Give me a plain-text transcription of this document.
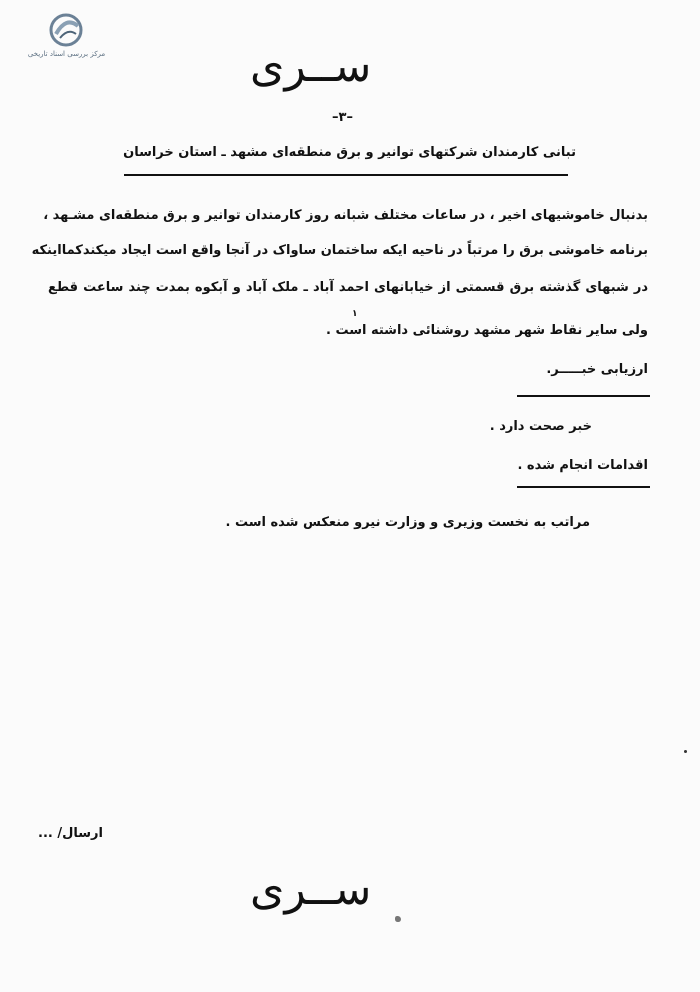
مرکز بررسی اسناد تاریخی	ســری
–۳–
تبانی کارمندان شرکتهای توانیر و برق منطقه‌ای مشهد ـ استان خراسان
بدنبال خاموشیهای اخیر ، در ساعات مختلف شبانه روز کارمندان توانیر و برق منطقه‌ای مشـهد ،
برنامه خاموشی برق را مرتباً در ناحیه ایکه ساختمان ساواک در آنجا واقع است ایجاد میکندکمااینکه
در شبهای گذشته برق قسمتی از خیابانهای احمد آباد ـ ملک آباد و آبکوه بمدت چند ساعت قطع
۱
ولی سایر نقاط شهر مشهد روشنائی داشته است .
ارزیابی خبـــــر.
خبر صحت دارد .
اقدامات انجام شده .
مراتب به نخست وزیری و وزارت نیرو منعکس شده است .
ارسال/ ...
ســری
